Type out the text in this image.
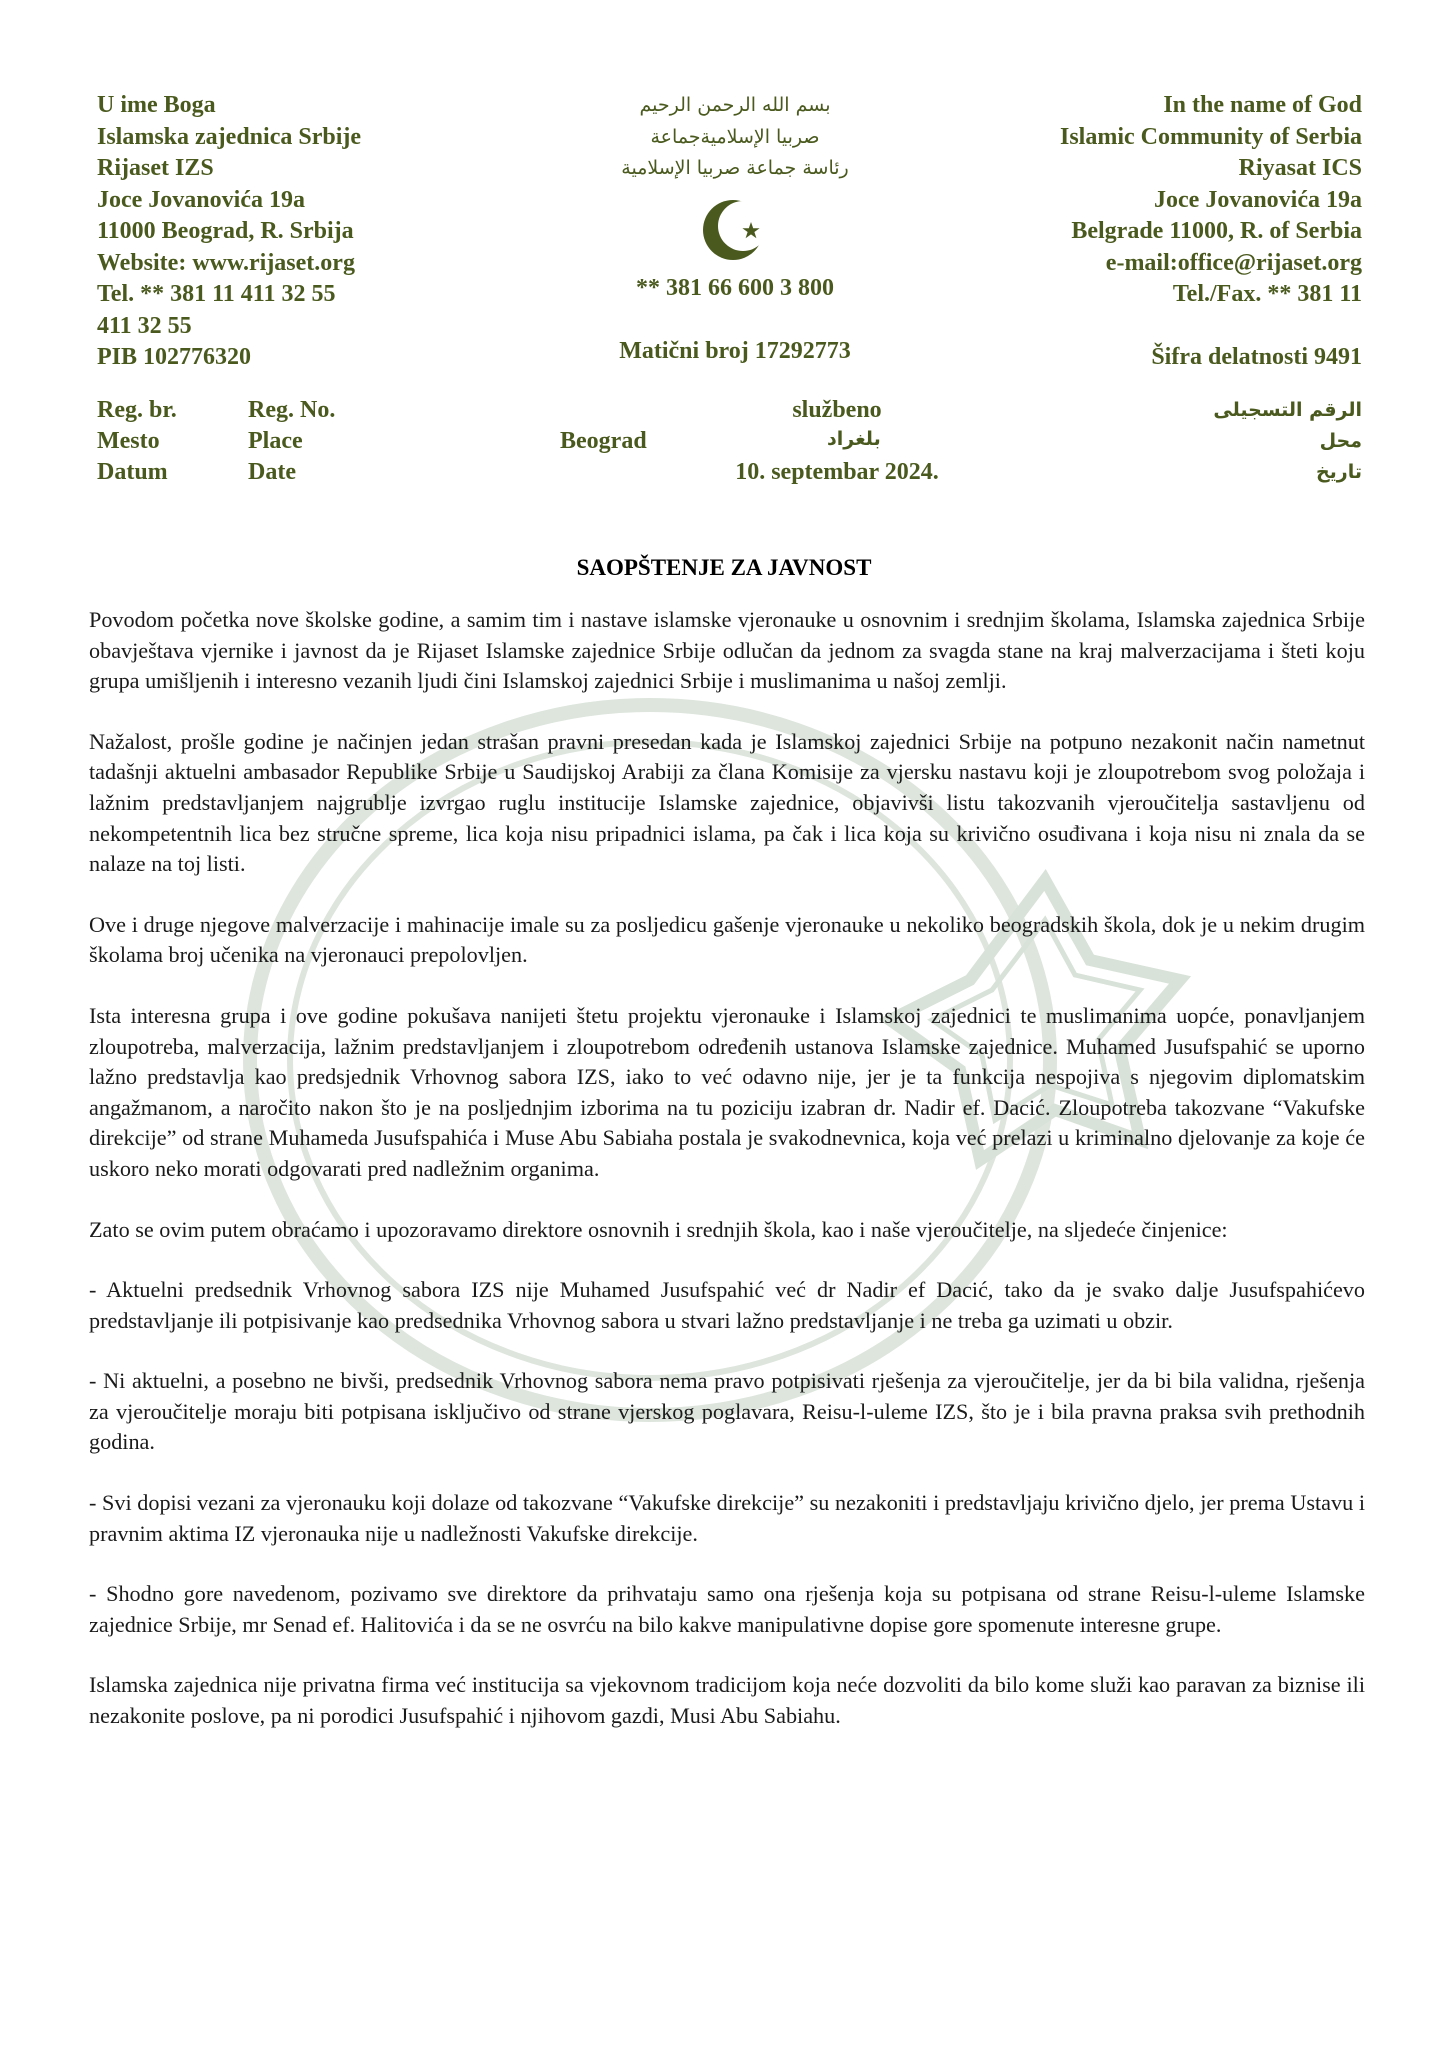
U ime Boga
Islamska zajednica Srbije
Rijaset IZS
Joce Jovanovića 19a
11000 Beograd, R. Srbija
Website: www.rijaset.org
Tel. ** 381 11 411 32 55
411 32 55
PIB 102776320
بسم الله الرحمن الرحيم
صربيا الإسلاميةجماعة
رئاسة جماعة صربيا الإسلامية
** 381 66 600 3 800
Matični broj 17292773
In the name of God
Islamic Community of Serbia
Riyasat ICS
Joce Jovanovića 19a
Belgrade 11000, R. of Serbia
e-mail:office@rijaset.org
Tel./Fax. ** 381 11

Šifra delatnosti 9491
Reg. br.
Mesto
Datum
Reg. No.
Place
Date
službeno

10. septembar 2024.
Beograd	بلغراد
الرقم التسجيلى
محل
تاريخ
SAOPŠTENJE ZA JAVNOST

Povodom početka nove školske godine, a samim tim i nastave islamske vjeronauke u osnovnim i srednjim školama, Islamska zajednica Srbije obavještava vjernike i javnost da je Rijaset Islamske zajednice Srbije odlučan da jednom za svagda stane na kraj malverzacijama i šteti koju grupa umišljenih i interesno vezanih ljudi čini Islamskoj zajednici Srbije i muslimanima u našoj zemlji.

Nažalost, prošle godine je načinjen jedan strašan pravni presedan kada je Islamskoj zajednici Srbije na potpuno nezakonit način nametnut tadašnji aktuelni ambasador Republike Srbije u Saudijskoj Arabiji za člana Komisije za vjersku nastavu koji je zloupotrebom svog položaja i lažnim predstavljanjem najgrublje izvrgao ruglu institucije Islamske zajednice, objavivši listu takozvanih vjeroučitelja sastavljenu od nekompetentnih lica bez stručne spreme, lica koja nisu pripadnici islama, pa čak i lica koja su krivično osuđivana i koja nisu ni znala da se nalaze na toj listi.

Ove i druge njegove malverzacije i mahinacije imale su za posljedicu gašenje vjeronauke u nekoliko beogradskih škola, dok je u nekim drugim školama broj učenika na vjeronauci prepolovljen.

Ista interesna grupa i ove godine pokušava nanijeti štetu projektu vjeronauke i Islamskoj zajednici te muslimanima uopće, ponavljanjem zloupotreba, malverzacija, lažnim predstavljanjem i zloupotrebom određenih ustanova Islamske zajednice. Muhamed Jusufspahić se uporno lažno predstavlja kao predsjednik Vrhovnog sabora IZS, iako to već odavno nije, jer je ta funkcija nespojiva s njegovim diplomatskim angažmanom, a naročito nakon što je na posljednjim izborima na tu poziciju izabran dr. Nadir ef. Dacić. Zloupotreba takozvane “Vakufske direkcije” od strane Muhameda Jusufspahića i Muse Abu Sabiaha postala je svakodnevnica, koja već prelazi u kriminalno djelovanje za koje će uskoro neko morati odgovarati pred nadležnim organima.

Zato se ovim putem obraćamo i upozoravamo direktore osnovnih i srednjih škola, kao i naše vjeroučitelje, na sljedeće činjenice:

- Aktuelni predsednik Vrhovnog sabora IZS nije Muhamed Jusufspahić već dr Nadir ef Dacić, tako da je svako dalje Jusufspahićevo predstavljanje ili potpisivanje kao predsednika Vrhovnog sabora u stvari lažno predstavljanje i ne treba ga uzimati u obzir.

- Ni aktuelni, a posebno ne bivši, predsednik Vrhovnog sabora nema pravo potpisivati rješenja za vjeroučitelje, jer da bi bila validna, rješenja za vjeroučitelje moraju biti potpisana isključivo od strane vjerskog poglavara, Reisu-l-uleme IZS, što je i bila pravna praksa svih prethodnih godina.

- Svi dopisi vezani za vjeronauku koji dolaze od takozvane “Vakufske direkcije” su nezakoniti i predstavljaju krivično djelo, jer prema Ustavu i pravnim aktima IZ vjeronauka nije u nadležnosti Vakufske direkcije.

- Shodno gore navedenom, pozivamo sve direktore da prihvataju samo ona rješenja koja su potpisana od strane Reisu-l-uleme Islamske zajednice Srbije, mr Senad ef. Halitovića i da se ne osvrću na bilo kakve manipulativne dopise gore spomenute interesne grupe.

Islamska zajednica nije privatna firma već institucija sa vjekovnom tradicijom koja neće dozvoliti da bilo kome služi kao paravan za biznise ili nezakonite poslove, pa ni porodici Jusufspahić i njihovom gazdi, Musi Abu Sabiahu.
